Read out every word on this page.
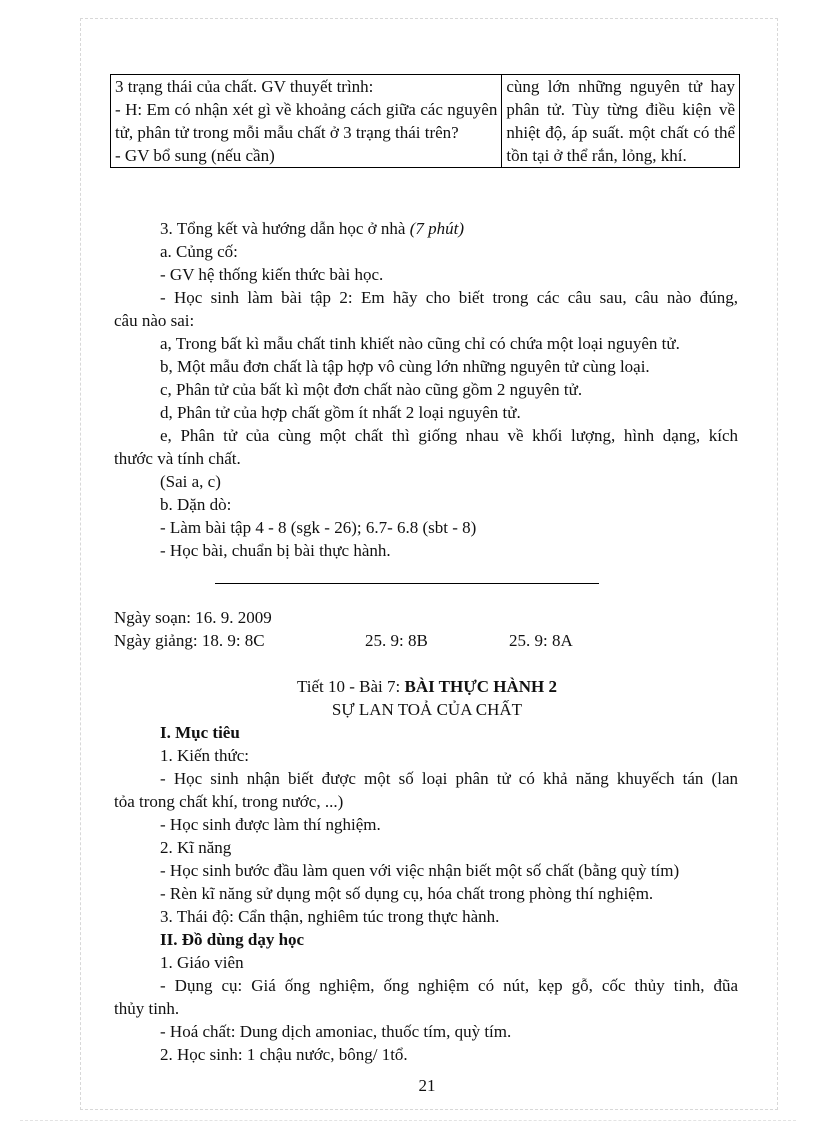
3 trạng thái của chất. GV thuyết trình:
- H: Em có nhận xét gì về khoảng cách giữa các nguyên tử, phân tử trong mỗi mẫu chất ở 3 trạng thái trên?
- GV bổ sung (nếu cần)
	cùng lớn những nguyên tử hay phân tử. Tùy từng điều kiện về nhiệt độ, áp suất. một chất có thể tồn tại ở thể rắn, lỏng, khí.
3. Tổng kết và hướng dẫn học ở nhà (7 phút)
a. Củng cố:
- GV hệ thống kiến thức bài học.
- Học sinh làm bài tập 2: Em hãy cho biết trong các câu sau, câu nào đúng,
câu nào sai:
a, Trong bất kì mẫu chất tinh khiết nào cũng chỉ có chứa một loại nguyên tử.
b, Một mẫu đơn chất là tập hợp vô cùng lớn những nguyên tử cùng loại.
c, Phân tử của bất kì một đơn chất nào cũng gồm 2 nguyên tử.
d, Phân tử của hợp chất gồm ít nhất 2 loại nguyên tử.
e, Phân tử của cùng một chất thì giống nhau về khối lượng, hình dạng, kích
thước và tính chất.
(Sai a, c)
b. Dặn dò:
- Làm bài tập 4 - 8 (sgk - 26); 6.7- 6.8 (sbt - 8)
- Học bài, chuẩn bị bài thực hành.
Ngày soạn: 16. 9. 2009
Ngày giảng: 18. 9: 8C	25. 9: 8B	25. 9: 8A
Tiết 10 - Bài 7: BÀI THỰC HÀNH 2
SỰ LAN TOẢ CỦA CHẤT
I. Mục tiêu
1. Kiến thức:
- Học sinh nhận biết được một số loại phân tử có khả năng khuyếch tán (lan
tỏa trong chất khí, trong nước, ...)
- Học sinh được làm thí nghiệm.
2. Kĩ năng
- Học sinh bước đầu làm quen với việc nhận biết một số chất (bằng quỳ tím)
- Rèn kĩ năng sử dụng một số dụng cụ, hóa chất trong phòng thí nghiệm.
3. Thái độ: Cẩn thận, nghiêm túc trong thực hành.
II. Đồ dùng dạy học
1. Giáo viên
- Dụng cụ: Giá ống nghiệm, ống nghiệm có nút, kẹp gỗ, cốc thủy tinh, đũa
thủy tinh.
- Hoá chất: Dung dịch amoniac, thuốc tím, quỳ tím.
2. Học sinh: 1 chậu nước, bông/ 1tổ.
21
